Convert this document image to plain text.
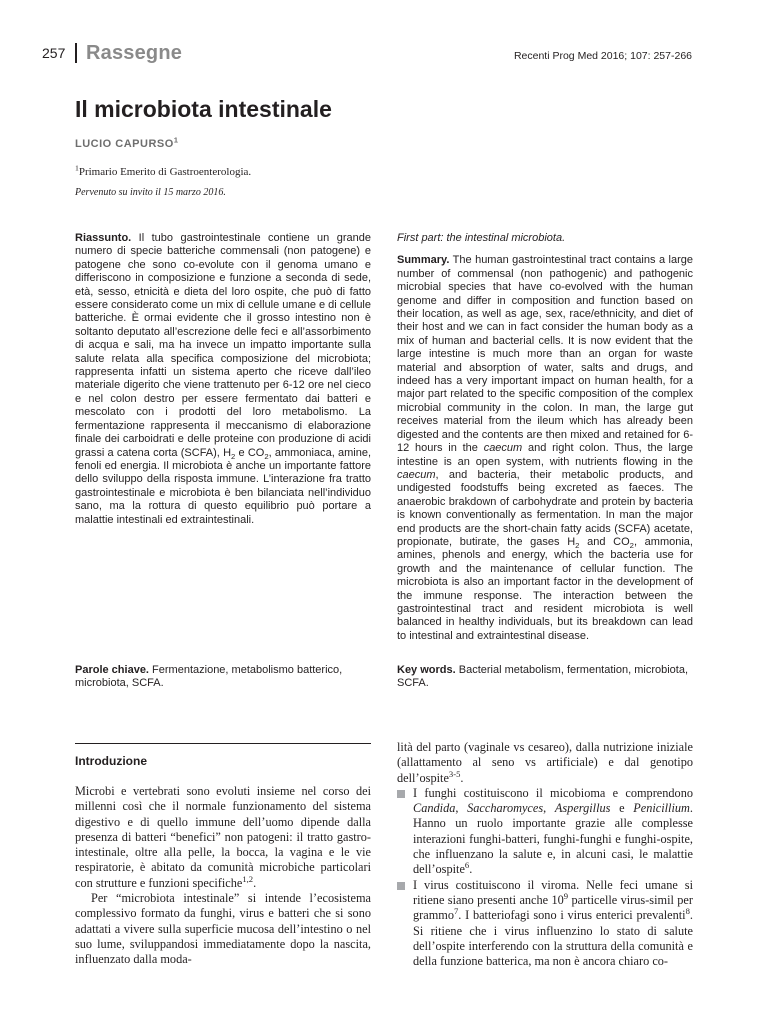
257 Rassegne	Recenti Prog Med 2016; 107: 257-266
Il microbiota intestinale
LUCIO CAPURSO$^1$
$^1$Primario Emerito di Gastroenterologia.
Pervenuto su invito il 15 marzo 2016.
Riassunto. Il tubo gastrointestinale contiene un grande numero di specie batteriche commensali (non patogene) e patogene che sono co-evolute con il genoma umano e differiscono in composizione e funzione a seconda di sede, età, sesso, etnicità e dieta del loro ospite, che può di fatto essere considerato come un mix di cellule umane e di cellule batteriche. È ormai evidente che il grosso intestino non è soltanto deputato all’escrezione delle feci e all’assorbimento di acqua e sali, ma ha invece un impatto importante sulla salute relata alla specifica composizione del microbiota; rappresenta infatti un sistema aperto che riceve dall’ileo materiale digerito che viene trattenuto per 6-12 ore nel cieco e nel colon destro per essere fermentato dai batteri e mescolato con i prodotti del loro metabolismo. La fermentazione rappresenta il meccanismo di elaborazione finale dei carboidrati e delle proteine con produzione di acidi grassi a catena corta (SCFA), $H_2$ e $CO_2$, ammoniaca, amine, fenoli ed energia. Il microbiota è anche un importante fattore dello sviluppo della risposta immune. L’interazione fra tratto gastrointestinale e microbiota è ben bilanciata nell’individuo sano, ma la rottura di questo equilibrio può portare a malattie intestinali ed extraintestinali.
First part: the intestinal microbiota.
Summary. The human gastrointestinal tract contains a large number of commensal (non pathogenic) and pathogenic microbial species that have co-evolved with the human genome and differ in composition and function based on their location, as well as age, sex, race/ethnicity, and diet of their host and we can in fact consider the human body as a mix of human and bacterial cells. It is now evident that the large intestine is much more than an organ for waste material and absorption of water, salts and drugs, and indeed has a very important impact on human health, for a major part related to the specific composition of the complex microbial community in the colon. In man, the large gut receives material from the ileum which has already been digested and the contents are then mixed and retained for 6-12 hours in the caecum and right colon. Thus, the large intestine is an open system, with nutrients flowing in the caecum, and bacteria, their metabolic products, and undigested foodstuffs being excreted as faeces. The anaerobic brakdown of carbohydrate and protein by bacteria is known conventionally as fermentation. In man the major end products are the short-chain fatty acids (SCFA) acetate, propionate, butirate, the gases $H_2$ and $CO_2$, ammonia, amines, phenols and energy, which the bacteria use for growth and the maintenance of cellular function. The microbiota is also an important factor in the development of the immune response. The interaction between the gastrointestinal tract and resident microbiota is well balanced in healthy individuals, but its breakdown can lead to intestinal and extraintestinal disease.
Parole chiave. Fermentazione, metabolismo batterico, microbiota, SCFA.
Key words. Bacterial metabolism, fermentation, microbiota, SCFA.
Introduzione

Microbi e vertebrati sono evoluti insieme nel corso dei millenni così che il normale funzionamento del sistema digestivo e di quello immune dell’uomo dipende dalla presenza di batteri “benefici” non patogeni: il tratto gastro-intestinale, oltre alla pelle, la bocca, la vagina e le vie respiratorie, è abitato da comunità microbiche particolari con strutture e funzioni specifiche$^{1,2}$.

Per “microbiota intestinale” si intende l’ecosistema complessivo formato da funghi, virus e batteri che si sono adattati a vivere sulla superficie mucosa dell’intestino o nel suo lume, sviluppandosi immediatamente dopo la nascita, influenzato dalla moda-

lità del parto (vaginale vs cesareo), dalla nutrizione iniziale (allattamento al seno vs artificiale) e dal genotipo dell’ospite$^{3-5}$.

I funghi costituiscono il micobioma e comprendono Candida, Saccharomyces, Aspergillus e Penicillium. Hanno un ruolo importante grazie alle complesse interazioni funghi-batteri, funghi-funghi e funghi-ospite, che influenzano la salute e, in alcuni casi, le malattie dell’ospite$^6$.
I virus costituiscono il viroma. Nelle feci umane si ritiene siano presenti anche $10^9$ particelle virus-simil per grammo$^7$. I batteriofagi sono i virus enterici prevalenti$^8$. Si ritiene che i virus influenzino lo stato di salute dell’ospite interferendo con la struttura della comunità e della funzione batterica, ma non è ancora chiaro co-
